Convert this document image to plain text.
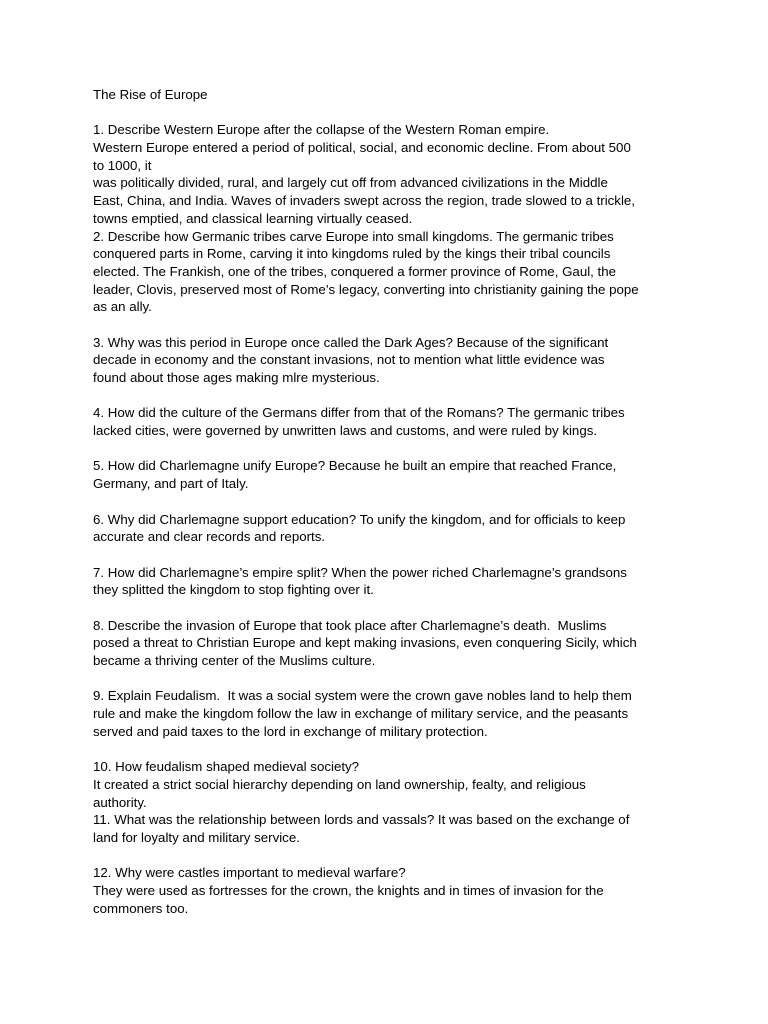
The Rise of Europe
1. Describe Western Europe after the collapse of the Western Roman empire.
Western Europe entered a period of political, social, and economic decline. From about 500
to 1000, it
was politically divided, rural, and largely cut off from advanced civilizations in the Middle
East, China, and India. Waves of invaders swept across the region, trade slowed to a trickle,
towns emptied, and classical learning virtually ceased.
2. Describe how Germanic tribes carve Europe into small kingdoms. The germanic tribes
conquered parts in Rome, carving it into kingdoms ruled by the kings their tribal councils
elected. The Frankish, one of the tribes, conquered a former province of Rome, Gaul, the
leader, Clovis, preserved most of Rome’s legacy, converting into christianity gaining the pope
as an ally.
3. Why was this period in Europe once called the Dark Ages? Because of the significant
decade in economy and the constant invasions, not to mention what little evidence was
found about those ages making mlre mysterious.
4. How did the culture of the Germans differ from that of the Romans? The germanic tribes
lacked cities, were governed by unwritten laws and customs, and were ruled by kings.
5. How did Charlemagne unify Europe? Because he built an empire that reached France,
Germany, and part of Italy.
6. Why did Charlemagne support education? To unify the kingdom, and for officials to keep
accurate and clear records and reports.
7. How did Charlemagne’s empire split? When the power riched Charlemagne’s grandsons
they splitted the kingdom to stop fighting over it.
8. Describe the invasion of Europe that took place after Charlemagne’s death.  Muslims
posed a threat to Christian Europe and kept making invasions, even conquering Sicily, which
became a thriving center of the Muslims culture.
9. Explain Feudalism.  It was a social system were the crown gave nobles land to help them
rule and make the kingdom follow the law in exchange of military service, and the peasants
served and paid taxes to the lord in exchange of military protection.
10. How feudalism shaped medieval society?
It created a strict social hierarchy depending on land ownership, fealty, and religious
authority.
11. What was the relationship between lords and vassals? It was based on the exchange of
land for loyalty and military service.
12. Why were castles important to medieval warfare?
They were used as fortresses for the crown, the knights and in times of invasion for the
commoners too.
